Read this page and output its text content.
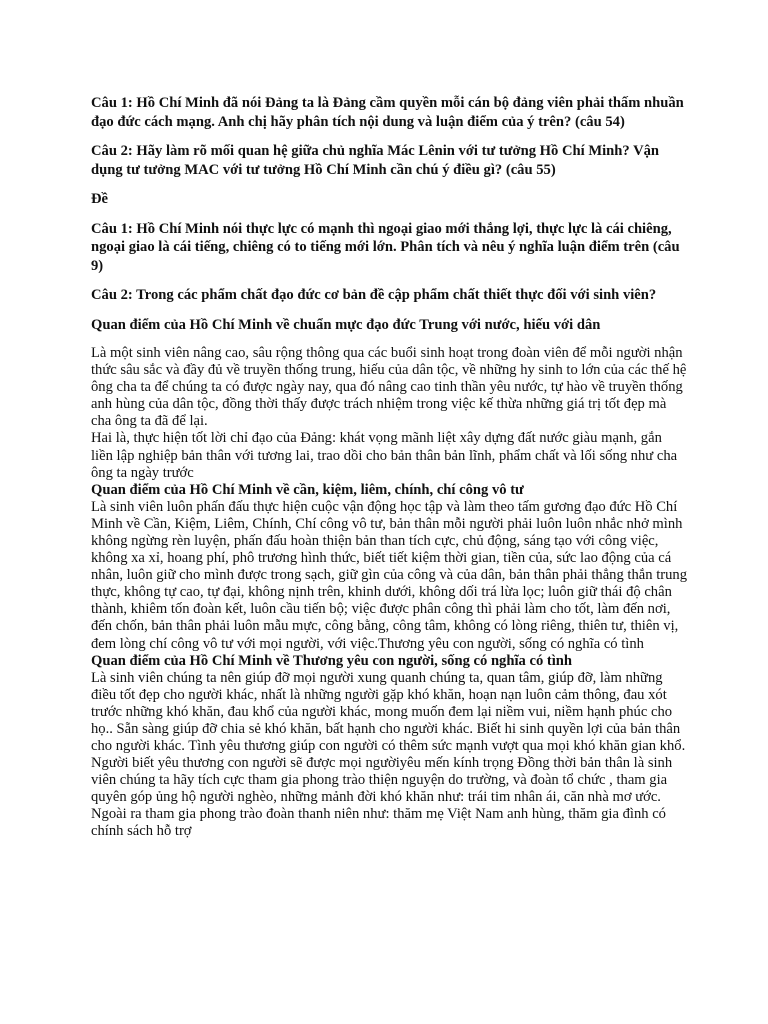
Câu 1: Hồ Chí Minh đã nói Đảng ta là Đảng cầm quyền mỗi cán bộ đảng viên phải thấm nhuần đạo đức cách mạng. Anh chị hãy phân tích nội dung và luận điểm của ý trên? (câu 54)

Câu 2: Hãy làm rõ mối quan hệ giữa chủ nghĩa Mác Lênin với tư tưởng Hồ Chí Minh? Vận dụng tư tưởng MAC với tư tưởng Hồ Chí Minh cần chú ý điều gì? (câu 55)

Đề

Câu 1: Hồ Chí Minh nói thực lực có mạnh thì ngoại giao mới thắng lợi, thực lực là cái chiêng, ngoại giao là cái tiếng, chiêng có to tiếng mới lớn. Phân tích và nêu ý nghĩa luận điểm trên (câu 9)

Câu 2: Trong các phẩm chất đạo đức cơ bản đề cập phẩm chất thiết thực đối với sinh viên?

Quan điểm của Hồ Chí Minh về chuẩn mực đạo đức Trung với nước, hiếu với dân

Là một sinh viên nâng cao, sâu rộng thông qua các buổi sinh hoạt trong đoàn viên để mỗi người nhận thức sâu sắc và đầy đủ về truyền thống trung, hiếu của dân tộc, về những hy sinh to lớn của các thế hệ ông cha ta để chúng ta có được ngày nay, qua đó nâng cao tinh thần yêu nước, tự hào về truyền thống anh hùng của dân tộc, đồng thời thấy được trách nhiệm trong việc kế thừa những giá trị tốt đẹp mà cha ông ta đã để lại.

Hai là, thực hiện tốt lời chỉ đạo của Đảng: khát vọng mãnh liệt xây dựng đất nước giàu mạnh, gắn liền lập nghiệp bản thân với tương lai, trao dồi cho bản thân bản lĩnh, phẩm chất và lối sống như cha ông ta ngày trước

Quan điểm của Hồ Chí Minh về cần, kiệm, liêm, chính, chí công vô tư

Là sinh viên luôn phấn đấu thực hiện cuộc vận động học tập và làm theo tấm gương đạo đức Hồ Chí Minh về Cần, Kiệm, Liêm, Chính, Chí công vô tư, bản thân mỗi người phải luôn luôn nhắc nhở mình không ngừng rèn luyện, phấn đấu hoàn thiện bản than tích cực, chủ động, sáng tạo với công việc, không xa xỉ, hoang phí, phô trương hình thức, biết tiết kiệm thời gian, tiền của, sức lao động của cá nhân, luôn giữ cho mình được trong sạch, giữ gìn của công và của dân, bản thân phải thẳng thắn trung thực, không tự cao, tự đại, không nịnh trên, khinh dưới, không dối trá lừa lọc; luôn giữ thái độ chân thành, khiêm tốn đoàn kết, luôn cầu tiến bộ; việc được phân công thì phải làm cho tốt, làm đến nơi, đến chốn, bản thân phải luôn mẫu mực, công bằng, công tâm, không có lòng riêng, thiên tư, thiên vị, đem lòng chí công vô tư với mọi người, với việc.Thương yêu con người, sống có nghĩa có tình

Quan điểm của Hồ Chí Minh về Thương yêu con người, sống có nghĩa có tình

Là sinh viên chúng ta nên giúp đỡ mọi người xung quanh chúng ta, quan tâm, giúp đỡ, làm những điều tốt đẹp cho người khác, nhất là những người gặp khó khăn, hoạn nạn luôn cảm thông, đau xót trước những khó khăn, đau khổ của người khác, mong muốn đem lại niềm vui, niềm hạnh phúc cho họ.. Sẵn sàng giúp đỡ chia sẻ khó khăn, bất hạnh cho người khác. Biết hi sinh quyền lợi của bản thân cho người khác. Tình yêu thương giúp con người có thêm sức mạnh vượt qua mọi khó khăn gian khổ. Người biết yêu thương con người sẽ được mọi ngườiyêu mến kính trọng Đồng thời bản thân là sinh viên chúng ta hãy tích cực tham gia phong trào thiện nguyện do trường, và đoàn tổ chức , tham gia quyên góp ủng hộ người nghèo, những mảnh đời khó khăn như: trái tim nhân ái, căn nhà mơ ước. Ngoài ra tham gia phong trào đoàn thanh niên như: thăm mẹ Việt Nam anh hùng, thăm gia đình có chính sách hỗ trợ
